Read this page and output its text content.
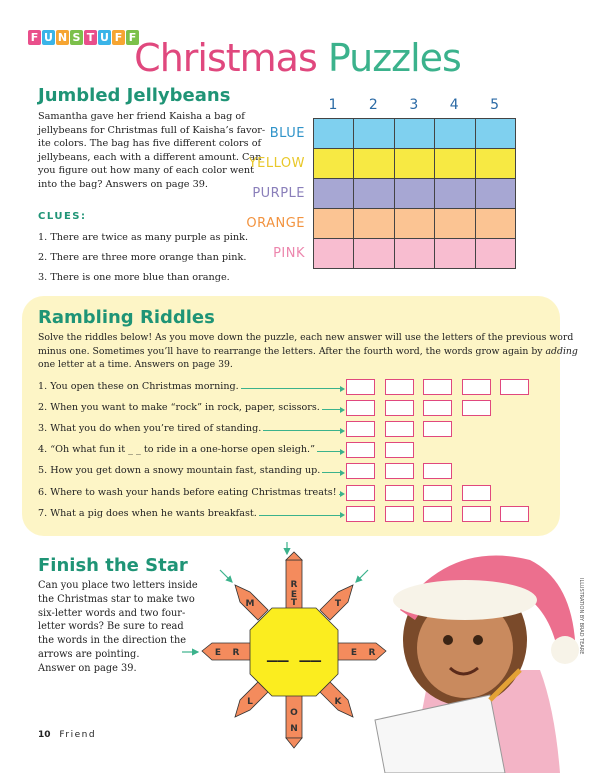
F U N S T U F F
Christmas Puzzles
Jumbled Jellybeans
Samantha gave her friend Kaisha a bag of
jellybeans for Christmas full of Kaisha’s favor-
ite colors. The bag has five different colors of
jellybeans, each with a different amount. Can
you figure out how many of each color went
into the bag? Answers on page 39.
CLUES:
1. There are twice as many purple as pink.
2. There are three more orange than pink.
3. There is one more blue than orange.
1	2	3	4	5
BLUE
YELLOW
PURPLE
ORANGE
PINK
Rambling Riddles
Solve the riddles below! As you move down the puzzle, each new answer will use the letters of the previous word
minus one. Sometimes you’ll have to rearrange the letters. After the fourth word, the words grow again by adding
one letter at a time. Answers on page 39.
1. You open these on Christmas morning.
2. When you want to make “rock” in rock, paper, scissors.
3. What you do when you’re tired of standing.
4. “Oh what fun it _ _ to ride in a one-horse open sleigh.”
5. How you get down a snowy mountain fast, standing up.
6. Where to wash your hands before eating Christmas treats!
7. What a pig does when he wants breakfast.
Finish the Star
Can you place two letters inside
the Christmas star to make two
six-letter words and two four-
letter words? Be sure to read
the words in the direction the
arrows are pointing.
Answer on page 39.
R
E
T
O
N
E R	E R
M	T
L	K
__ __	ILLUSTRATION BY BRAD TEARE
10 Friend
